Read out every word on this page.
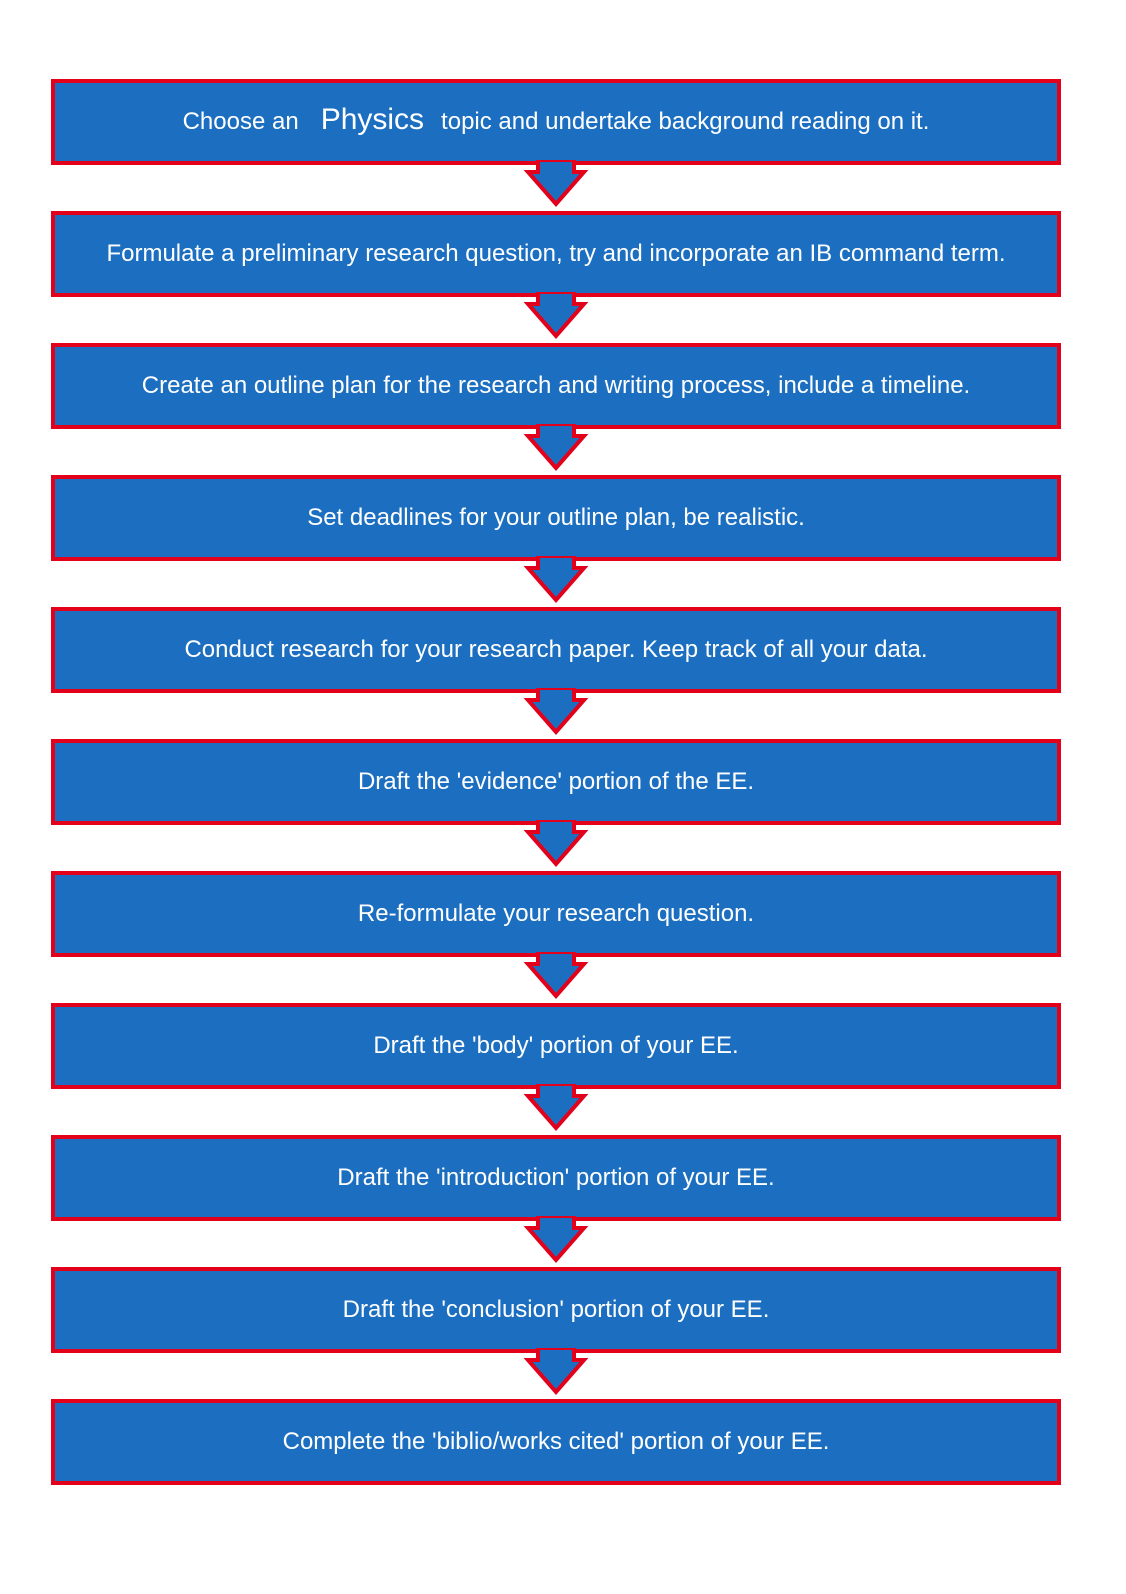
Choose an Physics topic and undertake background reading on it.
Formulate a preliminary research question, try and incorporate an IB command term.
Create an outline plan for the research and writing process, include a timeline.
Set deadlines for your outline plan, be realistic.
Conduct research for your research paper. Keep track of all your data.
Draft the 'evidence' portion of the EE.
Re-formulate your research question.
Draft the 'body' portion of your EE.
Draft the 'introduction' portion of your EE.
Draft the 'conclusion' portion of your EE.
Complete the 'biblio/works cited' portion of your EE.
